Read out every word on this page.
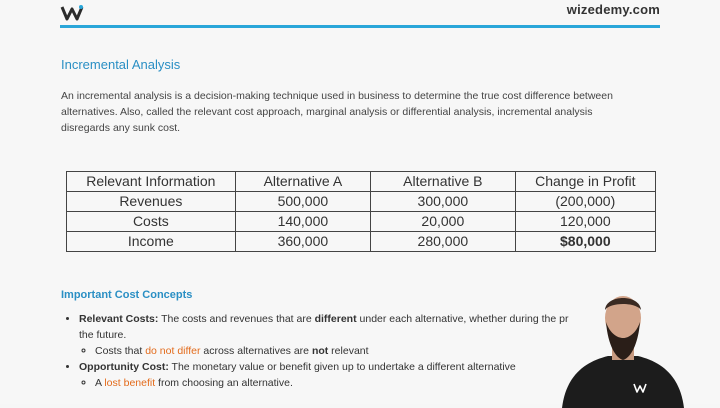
wizedemy.com
Incremental Analysis
An incremental analysis is a decision-making technique used in business to determine the true cost difference between
alternatives. Also, called the relevant cost approach, marginal analysis or differential analysis, incremental analysis
disregards any sunk cost.
Relevant Information	Alternative A	Alternative B	Change in Profit
Revenues	500,000	300,000	(200,000)
Costs	140,000	20,000	120,000
Income	360,000	280,000	$80,000
Important Cost Concepts
• Relevant Costs: The costs and revenues that are different under each alternative, whether during the pr
the future.
◦ Costs that do not differ across alternatives are not relevant
• Opportunity Cost: The monetary value or benefit given up to undertake a different alternative
◦ A lost benefit from choosing an alternative.
